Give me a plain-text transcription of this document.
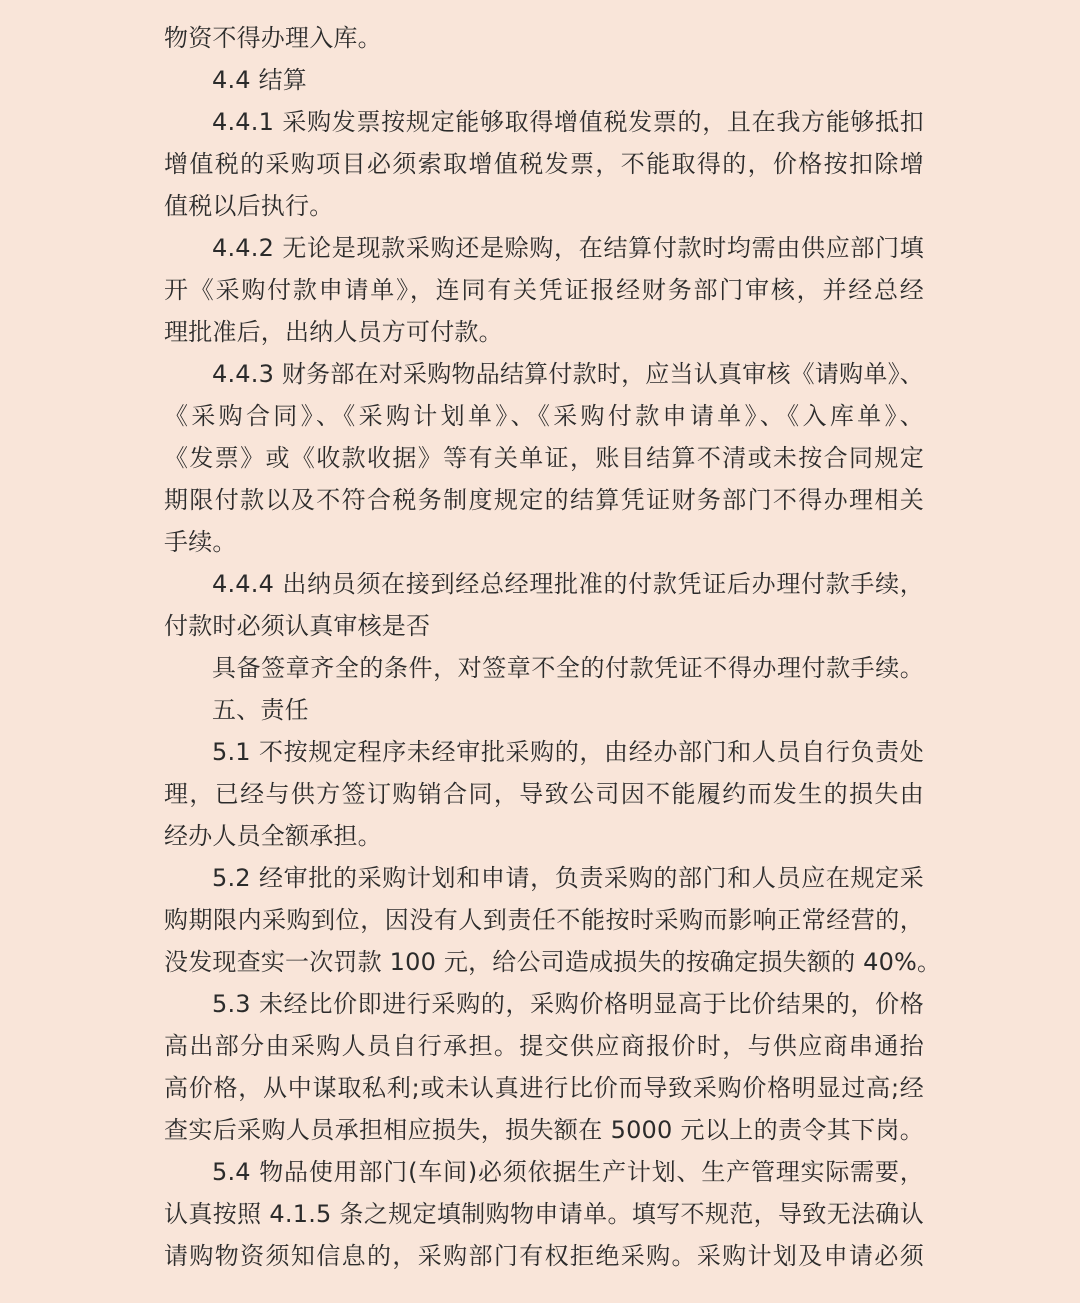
物资不得办理入库。
4.4 结算
4.4.1 采购发票按规定能够取得增值税发票的，且在我方能够抵扣
增值税的采购项目必须索取增值税发票，不能取得的，价格按扣除增
值税以后执行。
4.4.2 无论是现款采购还是赊购，在结算付款时均需由供应部门填
开《采购付款申请单》，连同有关凭证报经财务部门审核，并经总经
理批准后，出纳人员方可付款。
4.4.3 财务部在对采购物品结算付款时，应当认真审核《请购单》、
《采购合同》、《采购计划单》、《采购付款申请单》、《入库单》、
《发票》或《收款收据》等有关单证，账目结算不清或未按合同规定
期限付款以及不符合税务制度规定的结算凭证财务部门不得办理相关
手续。
4.4.4 出纳员须在接到经总经理批准的付款凭证后办理付款手续，
付款时必须认真审核是否
具备签章齐全的条件，对签章不全的付款凭证不得办理付款手续。
五、责任
5.1 不按规定程序未经审批采购的，由经办部门和人员自行负责处
理，已经与供方签订购销合同，导致公司因不能履约而发生的损失由
经办人员全额承担。
5.2 经审批的采购计划和申请，负责采购的部门和人员应在规定采
购期限内采购到位，因没有人到责任不能按时采购而影响正常经营的，
没发现查实一次罚款 100 元，给公司造成损失的按确定损失额的 40%。
5.3 未经比价即进行采购的，采购价格明显高于比价结果的，价格
高出部分由采购人员自行承担。提交供应商报价时，与供应商串通抬
高价格，从中谋取私利;或未认真进行比价而导致采购价格明显过高;经
查实后采购人员承担相应损失，损失额在 5000 元以上的责令其下岗。
5.4 物品使用部门(车间)必须依据生产计划、生产管理实际需要，
认真按照 4.1.5 条之规定填制购物申请单。填写不规范，导致无法确认
请购物资须知信息的，采购部门有权拒绝采购。采购计划及申请必须
